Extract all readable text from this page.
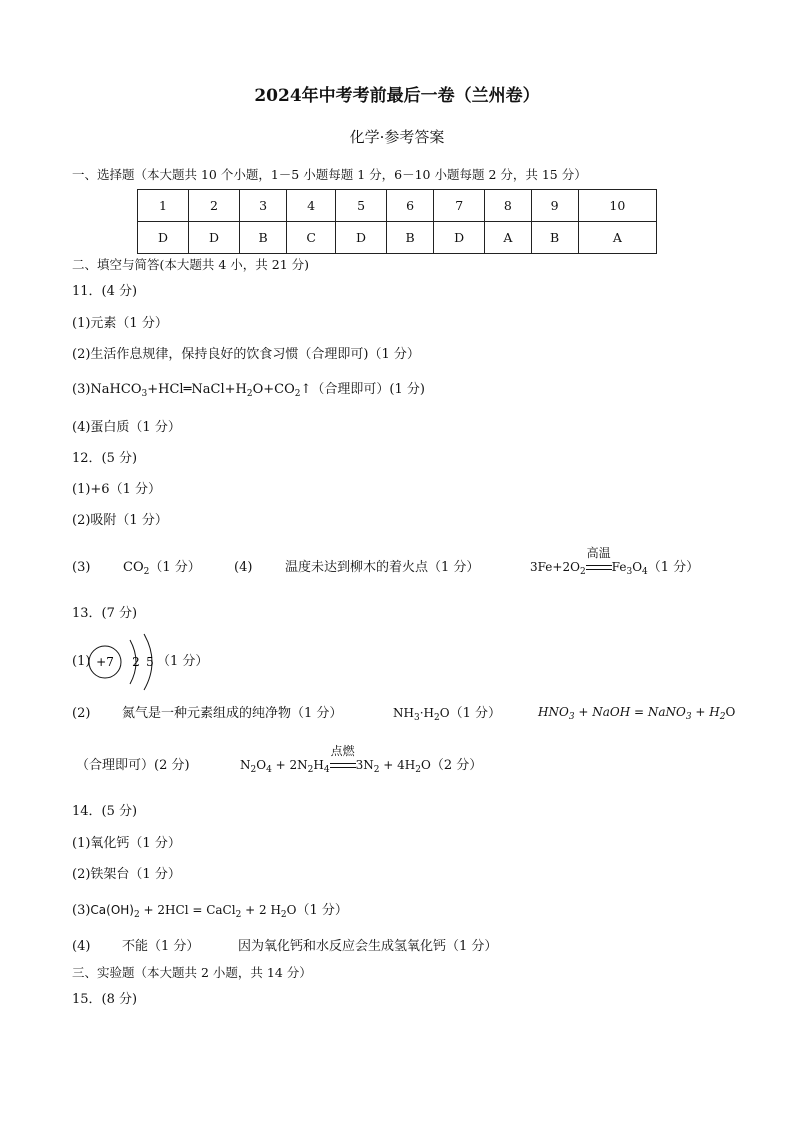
2024年中考考前最后一卷（兰州卷）
化学·参考答案
一、选择题（本大题共 10 个小题，1－5 小题每题 1 分，6－10 小题每题 2 分，共 15 分）
1	2	3	4	5	6	7	8	9	10
D	D	B	C	D	B	D	A	B	A
二、填空与简答(本大题共 4 小，共 21 分)
11．(4 分)
(1)元素（1 分）
(2)生活作息规律，保持良好的饮食习惯（合理即可)（1 分）
$(3)NaHCO_3+HCl═NaCl+H_2O+CO_2↑$（合理即可）(1 分)
(4)蛋白质（1 分）
12．(5 分)
(1)+6（1 分）
(2)吸附（1 分）
(3)	$CO_2(1$ 分）	(4)	温度未达到柳木的着火点（1 分）	$3Fe+2O_2$
高温
$Fe_3O_4(1$ 分）
13．(7 分)
(1) +7 2 5 （1 分）
(2) 氮气是一种元素组成的纯净物（1 分）	$NH_3\cdot H_2O(1$ 分）	$HNO_3$ + NaOH = NaNO$_3$ + $H_2O$
（合理即可）(2 分)	$N_2O_4 + 2N_2H_4$
点燃
$3N_2 + 4H_2O(2$ 分）
14．(5 分)
(1)氧化钙（1 分）
(2)铁架台（1 分）
$(3)Ca(OH)_2 + 2HCl$ = CaCl$_2$ + 2 $H_2O(1$ 分）
(4) 不能（1 分）	因为氧化钙和水反应会生成氢氧化钙（1 分）
三、实验题（本大题共 2 小题，共 14 分）
15．(8 分)
